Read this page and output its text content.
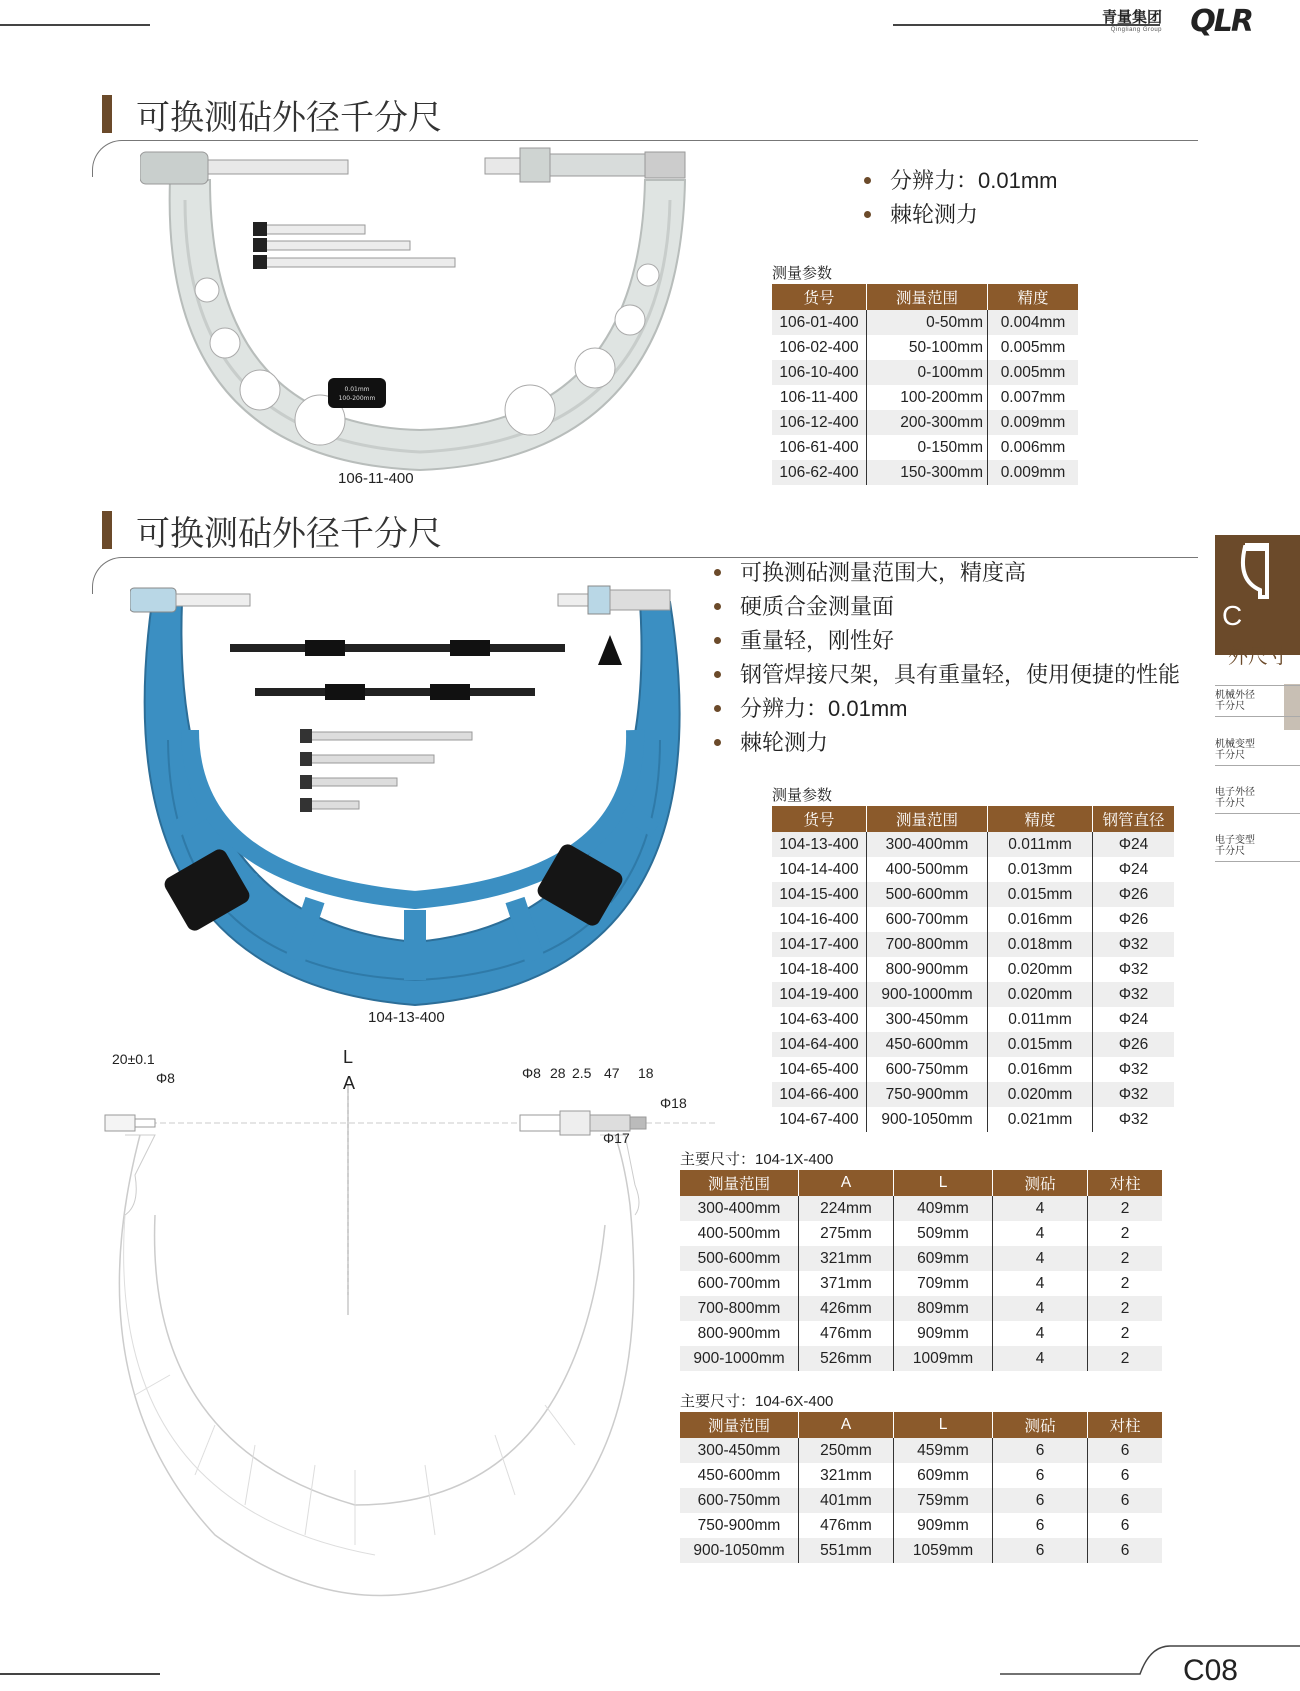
青量集团
Qingliang Group QLR
可换测砧外径千分尺
0.01mm
100-200mm
106-11-400
分辨力：0.01mm
棘轮测力
测量参数
货号	测量范围	精度
106-01-400	0-50mm	0.004mm
106-02-400	50-100mm	0.005mm
106-10-400	0-100mm	0.005mm
106-11-400	100-200mm	0.007mm
106-12-400	200-300mm	0.009mm
106-61-400	0-150mm	0.006mm
106-62-400	150-300mm	0.009mm
可换测砧外径千分尺
104-13-400
可换测砧测量范围大，精度高
硬质合金测量面
重量轻，刚性好
钢管焊接尺架，具有重量轻，使用便捷的性能
分辨力：0.01mm
棘轮测力
测量参数
货号	测量范围	精度	钢管直径
104-13-400	300-400mm	0.011mm	Φ24
104-14-400	400-500mm	0.013mm	Φ24
104-15-400	500-600mm	0.015mm	Φ26
104-16-400	600-700mm	0.016mm	Φ26
104-17-400	700-800mm	0.018mm	Φ32
104-18-400	800-900mm	0.020mm	Φ32
104-19-400	900-1000mm	0.020mm	Φ32
104-63-400	300-450mm	0.011mm	Φ24
104-64-400	450-600mm	0.015mm	Φ26
104-65-400	600-750mm	0.016mm	Φ32
104-66-400	750-900mm	0.020mm	Φ32
104-67-400	900-1050mm	0.021mm	Φ32
20±0.1
Φ8
L
A	Φ8 28 2.5 47 18
Φ18
Φ17
主要尺寸：104-1X-400
测量范围	A	L	测砧	对柱
300-400mm	224mm	409mm	4	2
400-500mm	275mm	509mm	4	2
500-600mm	321mm	609mm	4	2
600-700mm	371mm	709mm	4	2
700-800mm	426mm	809mm	4	2
800-900mm	476mm	909mm	4	2
900-1000mm	526mm	1009mm	4	2
主要尺寸：104-6X-400
测量范围	A	L	测砧	对柱
300-450mm	250mm	459mm	6	6
450-600mm	321mm	609mm	6	6
600-750mm	401mm	759mm	6	6
750-900mm	476mm	909mm	6	6
900-1050mm	551mm	1059mm	6	6
C
外尺寸
机械外径
千分尺
机械变型
千分尺
电子外径
千分尺
电子变型
千分尺
C08
